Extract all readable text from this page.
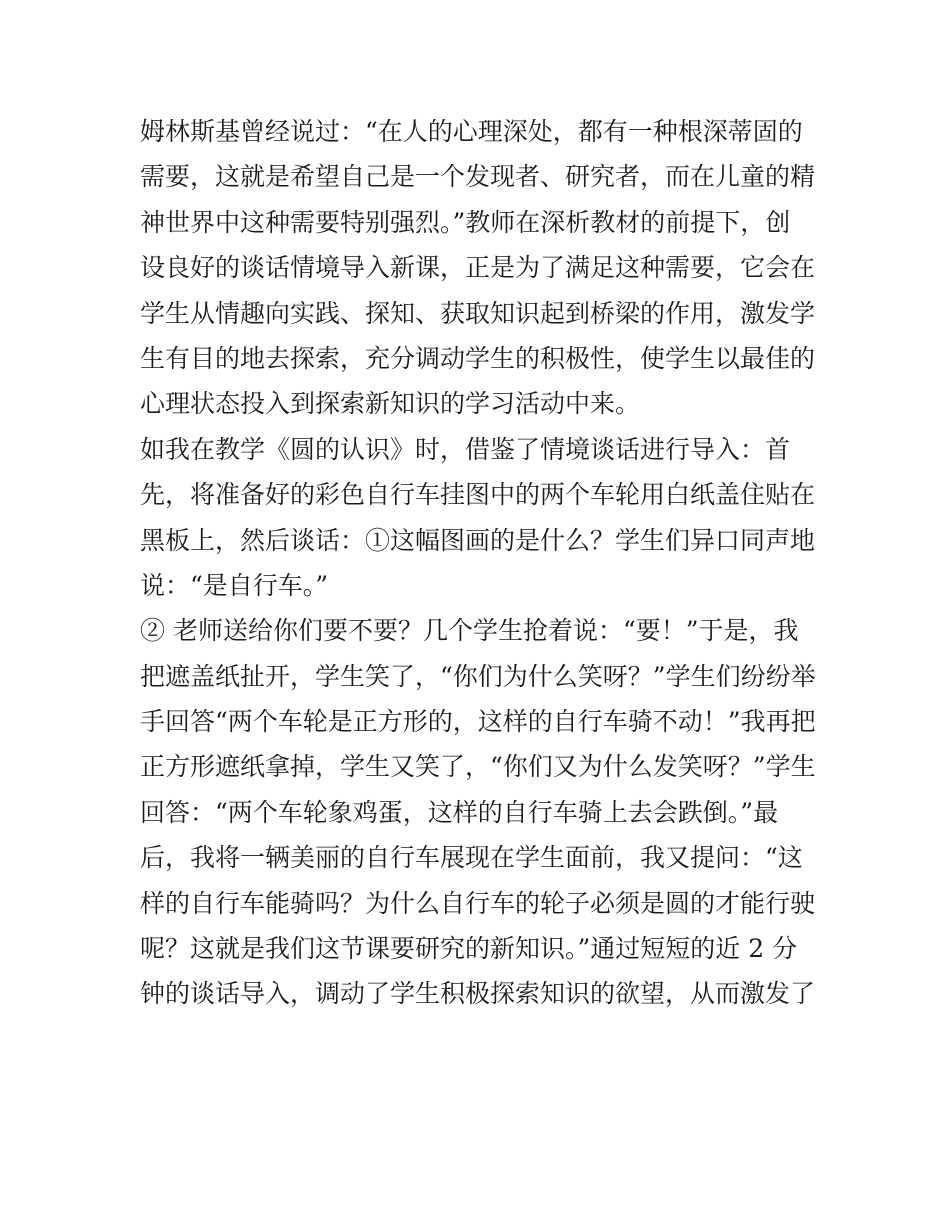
姆林斯基曾经说过：“在人的心理深处，都有一种根深蒂固的
需要，这就是希望自己是一个发现者、研究者，而在儿童的精
神世界中这种需要特别强烈。”教师在深析教材的前提下，创
设良好的谈话情境导入新课，正是为了满足这种需要，它会在
学生从情趣向实践、探知、获取知识起到桥梁的作用，激发学
生有目的地去探索，充分调动学生的积极性，使学生以最佳的
心理状态投入到探索新知识的学习活动中来。
如我在教学《圆的认识》时，借鉴了情境谈话进行导入：首
先，将准备好的彩色自行车挂图中的两个车轮用白纸盖住贴在
黑板上，然后谈话：①这幅图画的是什么？学生们异口同声地
说：“是自行车。”
② 老师送给你们要不要？几个学生抢着说：“要！”于是，我
把遮盖纸扯开，学生笑了，“你们为什么笑呀？”学生们纷纷举
手回答“两个车轮是正方形的，这样的自行车骑不动！”我再把
正方形遮纸拿掉，学生又笑了，“你们又为什么发笑呀？”学生
回答：“两个车轮象鸡蛋，这样的自行车骑上去会跌倒。”最
后，我将一辆美丽的自行车展现在学生面前，我又提问：“这
样的自行车能骑吗？为什么自行车的轮子必须是圆的才能行驶
呢？这就是我们这节课要研究的新知识。”通过短短的近 2 分
钟的谈话导入，调动了学生积极探索知识的欲望，从而激发了
